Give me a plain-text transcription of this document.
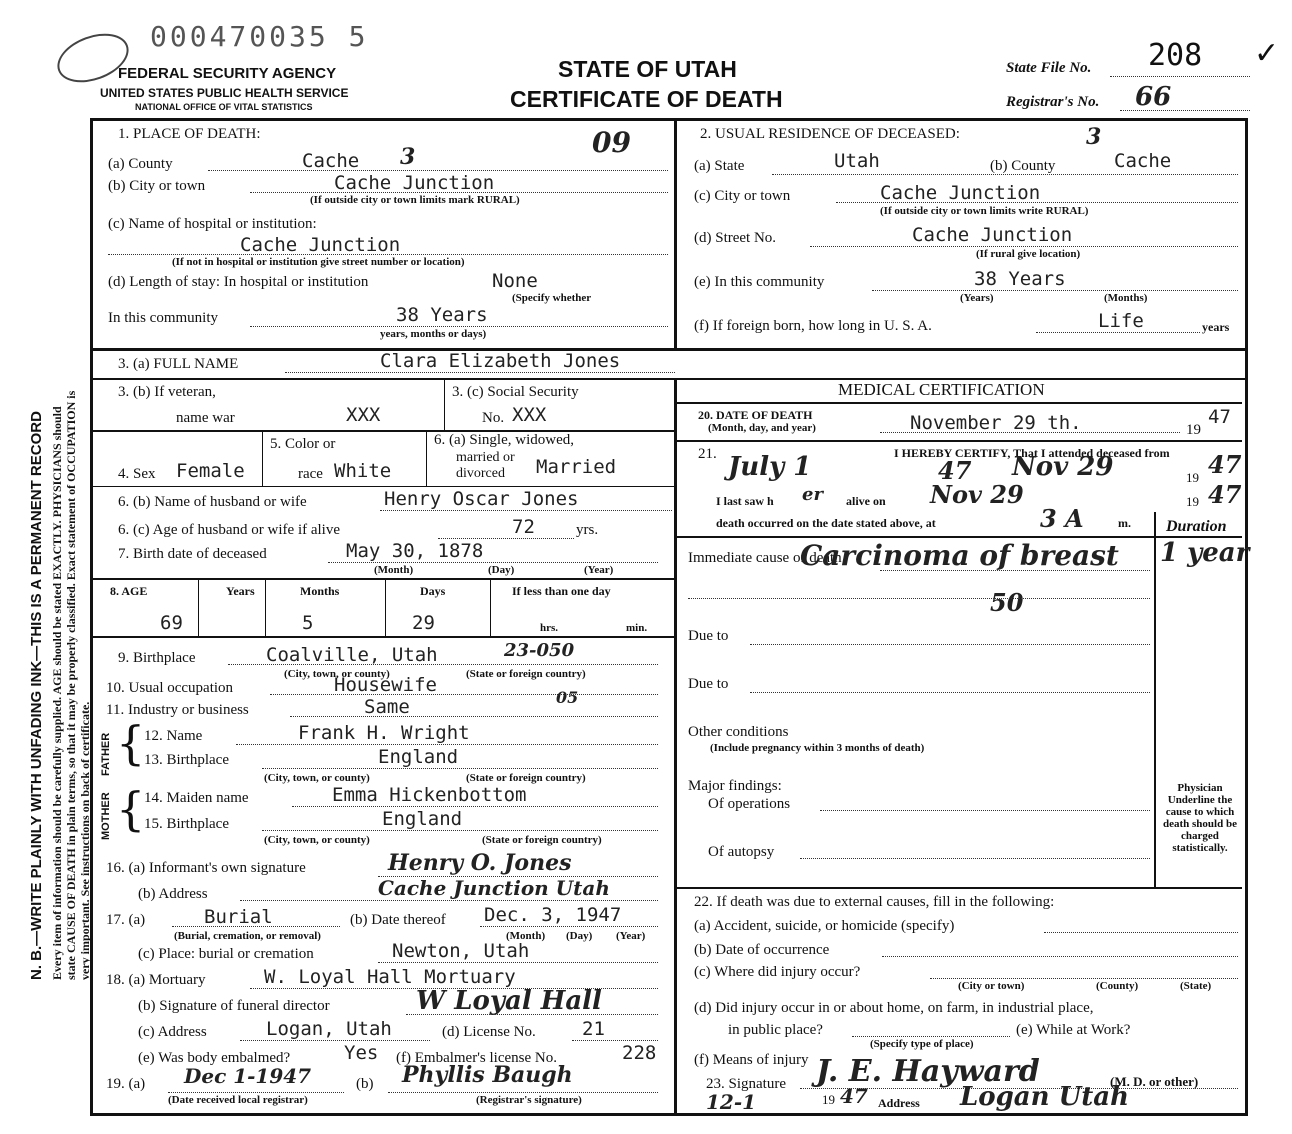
000470035 5
FEDERAL SECURITY AGENCY
UNITED STATES PUBLIC HEALTH SERVICE
NATIONAL OFFICE OF VITAL STATISTICS
STATE OF UTAH
CERTIFICATE OF DEATH
State File No. 208
Registrar's No. 66
✓
N. B.—WRITE PLAINLY WITH UNFADING INK—THIS IS A PERMANENT RECORD Every item of information should be carefully supplied. AGE should be stated EXACTLY. PHYSICIANS should state CAUSE OF DEATH in plain terms, so that it may be properly classified. Exact statement of OCCUPATION is very important. See instructions on back of certificate.
1. PLACE OF DEATH:
(a) County	Cache 3	09
(b) City or town	Cache Junction
(If outside city or town limits mark RURAL)
(c) Name of hospital or institution:
Cache Junction
(If not in hospital or institution give street number or location)
(d) Length of stay: In hospital or institution	None
(Specify whether
In this community	38 Years
years, months or days)
2. USUAL RESIDENCE OF DECEASED:	3
(a) State	Utah	(b) County	Cache
(c) City or town	Cache Junction
(If outside city or town limits write RURAL)
(d) Street No.	Cache Junction
(If rural give location)
(e) In this community	38 Years
(Years)	(Months)
(f) If foreign born, how long in U. S. A.	Life	years
3. (a) FULL NAME	Clara Elizabeth Jones
3. (b) If veteran,
name war	XXX
3. (c) Social Security
No. XXX
4. Sex Female
5. Color or
race White
6. (a) Single, widowed,
married or
divorced Married
6. (b) Name of husband or wife	Henry Oscar Jones
6. (c) Age of husband or wife if alive	72	yrs.
7. Birth date of deceased	May 30, 1878
(Month)	(Day)	(Year)
8. AGE	Years	Months	Days	If less than one day
69	5	29	hrs.	min.
9. Birthplace	Coalville, Utah	23-050
(City, town, or county)	(State or foreign country)
10. Usual occupation	Housewife
05
11. Industry or business	Same
FATHER
MOTHER
{
{
12. Name	Frank H. Wright
13. Birthplace	England
(City, town, or county)	(State or foreign country)
14. Maiden name	Emma Hickenbottom
15. Birthplace	England
(City, town, or county)	(State or foreign country)
16. (a) Informant's own signature	Henry O. Jones
(b) Address	Cache Junction Utah
17. (a)	Burial
(Burial, cremation, or removal)
(b) Date thereof Dec. 3, 1947
(Month) (Day) (Year)
(c) Place: burial or cremation	Newton, Utah
18. (a) Mortuary	W. Loyal Hall Mortuary
(b) Signature of funeral director	W Loyal Hall
(c) Address	Logan, Utah	(d) License No. 21
(e) Was body embalmed?	Yes (f) Embalmer's license No.	228
19. (a) Dec 1-1947
(Date received local registrar)
(b) Phyllis Baugh
(Registrar's signature)
MEDICAL CERTIFICATION
20. DATE OF DEATH
(Month, day, and year)	November 29 th.	19
47
21.	I HEREBY CERTIFY, That I attended deceased from
July 1	47 Nov 29	19 47
I last saw h er alive on Nov 29	19 47
death occurred on the date stated above, at	3 A	m. Duration
Immediate cause of death
Carcinoma of breast
50
1 year
Due to
Due to
Other conditions
(Include pregnancy within 3 months of death)
Major findings:
Of operations
Of autopsy
Physician Underline the cause to which death should be charged statistically.
22. If death was due to external causes, fill in the following:
(a) Accident, suicide, or homicide (specify)
(b) Date of occurrence
(c) Where did injury occur?
(City or town)	(County)	(State)
(d) Did injury occur in or about home, on farm, in industrial place,
in public place?
(Specify type of place)
(e) While at Work?
(f) Means of injury
23. Signature J. E. Hayward	(M. D. or other)
12-1	19 47 Address Logan Utah
